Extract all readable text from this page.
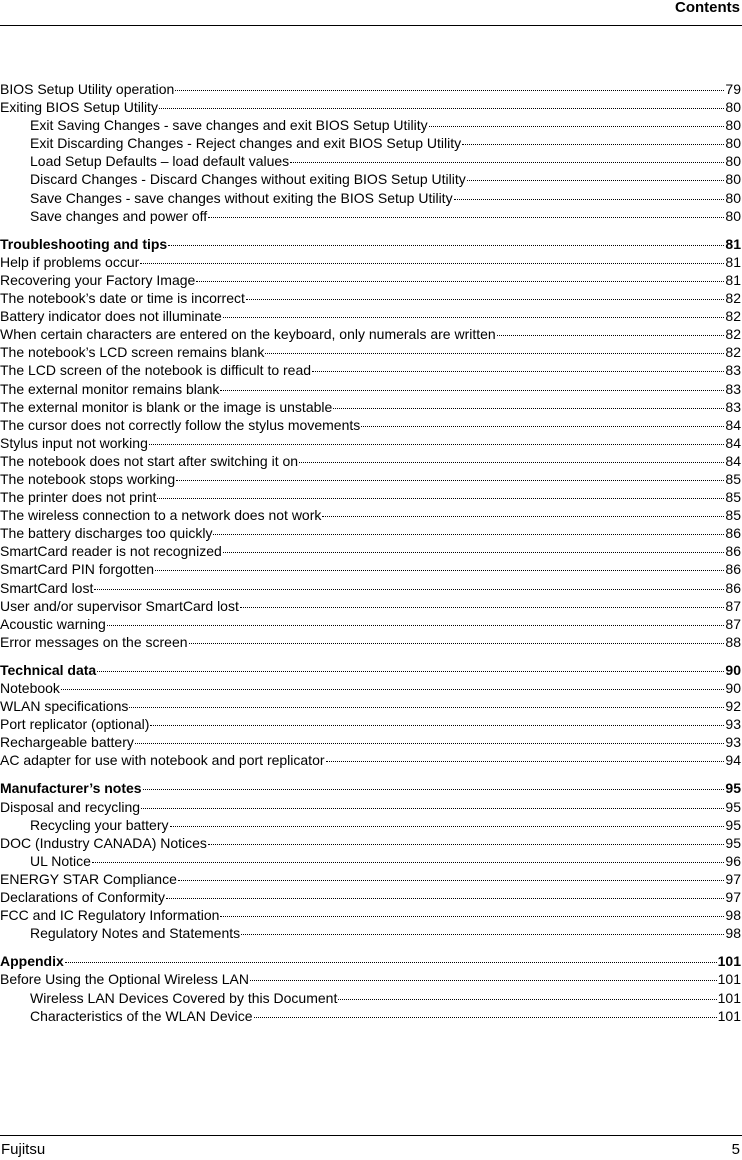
Contents
BIOS Setup Utility operation	79
Exiting BIOS Setup Utility	80
Exit Saving Changes - save changes and exit BIOS Setup Utility	80
Exit Discarding Changes - Reject changes and exit BIOS Setup Utility	80
Load Setup Defaults – load default values	80
Discard Changes - Discard Changes without exiting BIOS Setup Utility	80
Save Changes - save changes without exiting the BIOS Setup Utility	80
Save changes and power off	80
Troubleshooting and tips	81
Help if problems occur	81
Recovering your Factory Image	81
The notebook’s date or time is incorrect	82
Battery indicator does not illuminate	82
When certain characters are entered on the keyboard, only numerals are written	82
The notebook’s LCD screen remains blank	82
The LCD screen of the notebook is difficult to read	83
The external monitor remains blank	83
The external monitor is blank or the image is unstable	83
The cursor does not correctly follow the stylus movements	84
Stylus input not working	84
The notebook does not start after switching it on	84
The notebook stops working	85
The printer does not print	85
The wireless connection to a network does not work	85
The battery discharges too quickly	86
SmartCard reader is not recognized	86
SmartCard PIN forgotten	86
SmartCard lost	86
User and/or supervisor SmartCard lost	87
Acoustic warning	87
Error messages on the screen	88
Technical data	90
Notebook	90
WLAN specifications	92
Port replicator (optional)	93
Rechargeable battery	93
AC adapter for use with notebook and port replicator	94
Manufacturer’s notes	95
Disposal and recycling	95
Recycling your battery	95
DOC (Industry CANADA) Notices	95
UL Notice	96
ENERGY STAR Compliance	97
Declarations of Conformity	97
FCC and IC Regulatory Information	98
Regulatory Notes and Statements	98
Appendix	101
Before Using the Optional Wireless LAN	101
Wireless LAN Devices Covered by this Document	101
Characteristics of the WLAN Device	101
Fujitsu	5
